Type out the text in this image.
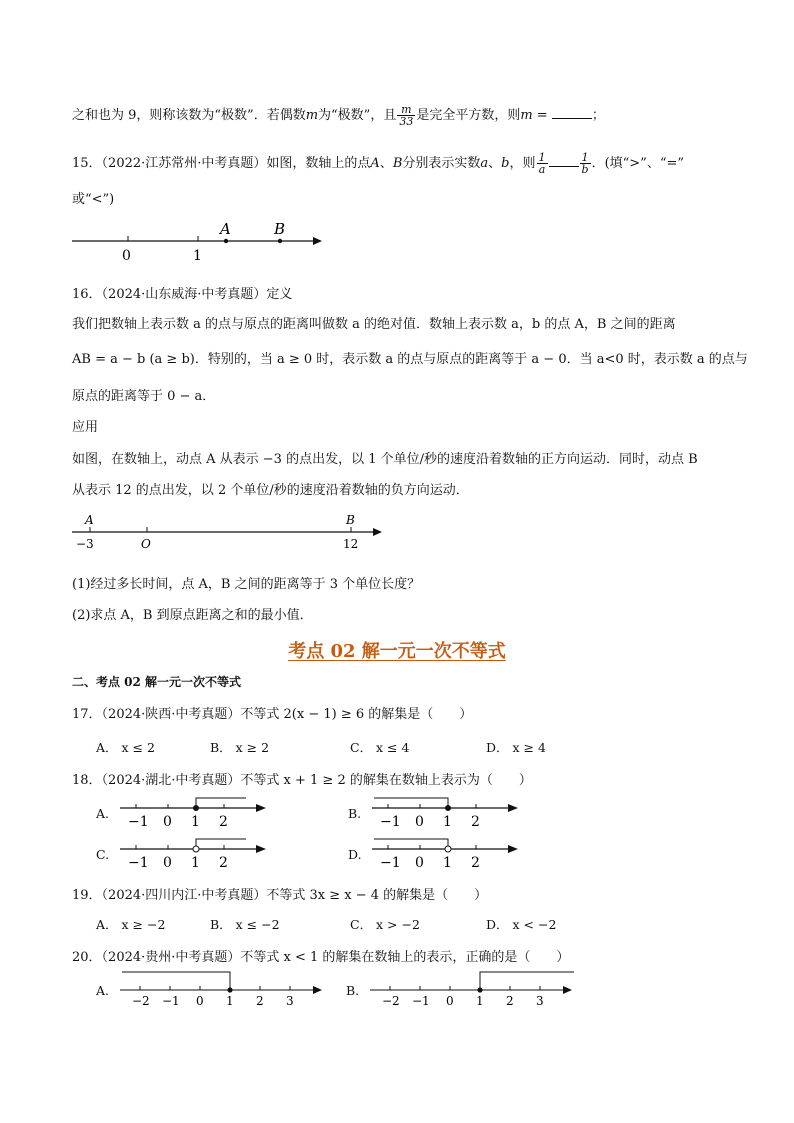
之和也为 9，则称该数为“极数”．若偶数m为“极数”，且 $\frac{m}{33}$ 是完全平方数，则m =	；
15．（2022·江苏常州·中考真题）如图，数轴上的点A、B分别表示实数a、b，则 $\frac{1}{a}$	$\frac{1}{b}$ ．(填“>”、“=”
或“<”)
0	1
A	B
16．（2024·山东威海·中考真题）定义
我们把数轴上表示数 a 的点与原点的距离叫做数 a 的绝对值．数轴上表示数 a，b 的点 A，B 之间的距离
AB = a − b (a ≥ b)．特别的，当 a ≥ 0 时，表示数 a 的点与原点的距离等于 a − 0．当 a<0 时，表示数 a 的点与
原点的距离等于 0 − a．
应用
如图，在数轴上，动点 A 从表示 −3 的点出发，以 1 个单位/秒的速度沿着数轴的正方向运动．同时，动点 B
从表示 12 的点出发，以 2 个单位/秒的速度沿着数轴的负方向运动．
A	B
−3	O	12
(1)经过多长时间，点 A，B 之间的距离等于 3 个单位长度？
(2)求点 A，B 到原点距离之和的最小值．
考点 02 解一元一次不等式
二、考点 02 解一元一次不等式
17．（2024·陕西·中考真题）不等式 2(x − 1) ≥ 6 的解集是（　　）
A． x ≤ 2	B． x ≥ 2	C． x ≤ 4	D． x ≥ 4
18．（2024·湖北·中考真题）不等式 x + 1 ≥ 2 的解集在数轴上表示为（　　）
A.
−1 0 1 2
B.
−1 0 1 2
C.
−1 0 1 2
D.
−1 0 1 2
19．（2024·四川内江·中考真题）不等式 3x ≥ x − 4 的解集是（　　）
A． x ≥ −2	B． x ≤ −2	C． x > −2	D． x < −2
20．（2024·贵州·中考真题）不等式 x < 1 的解集在数轴上的表示，正确的是（　　）
A.
−2 −1 0 1 2 3
B.
−2 −1 0 1 2 3
